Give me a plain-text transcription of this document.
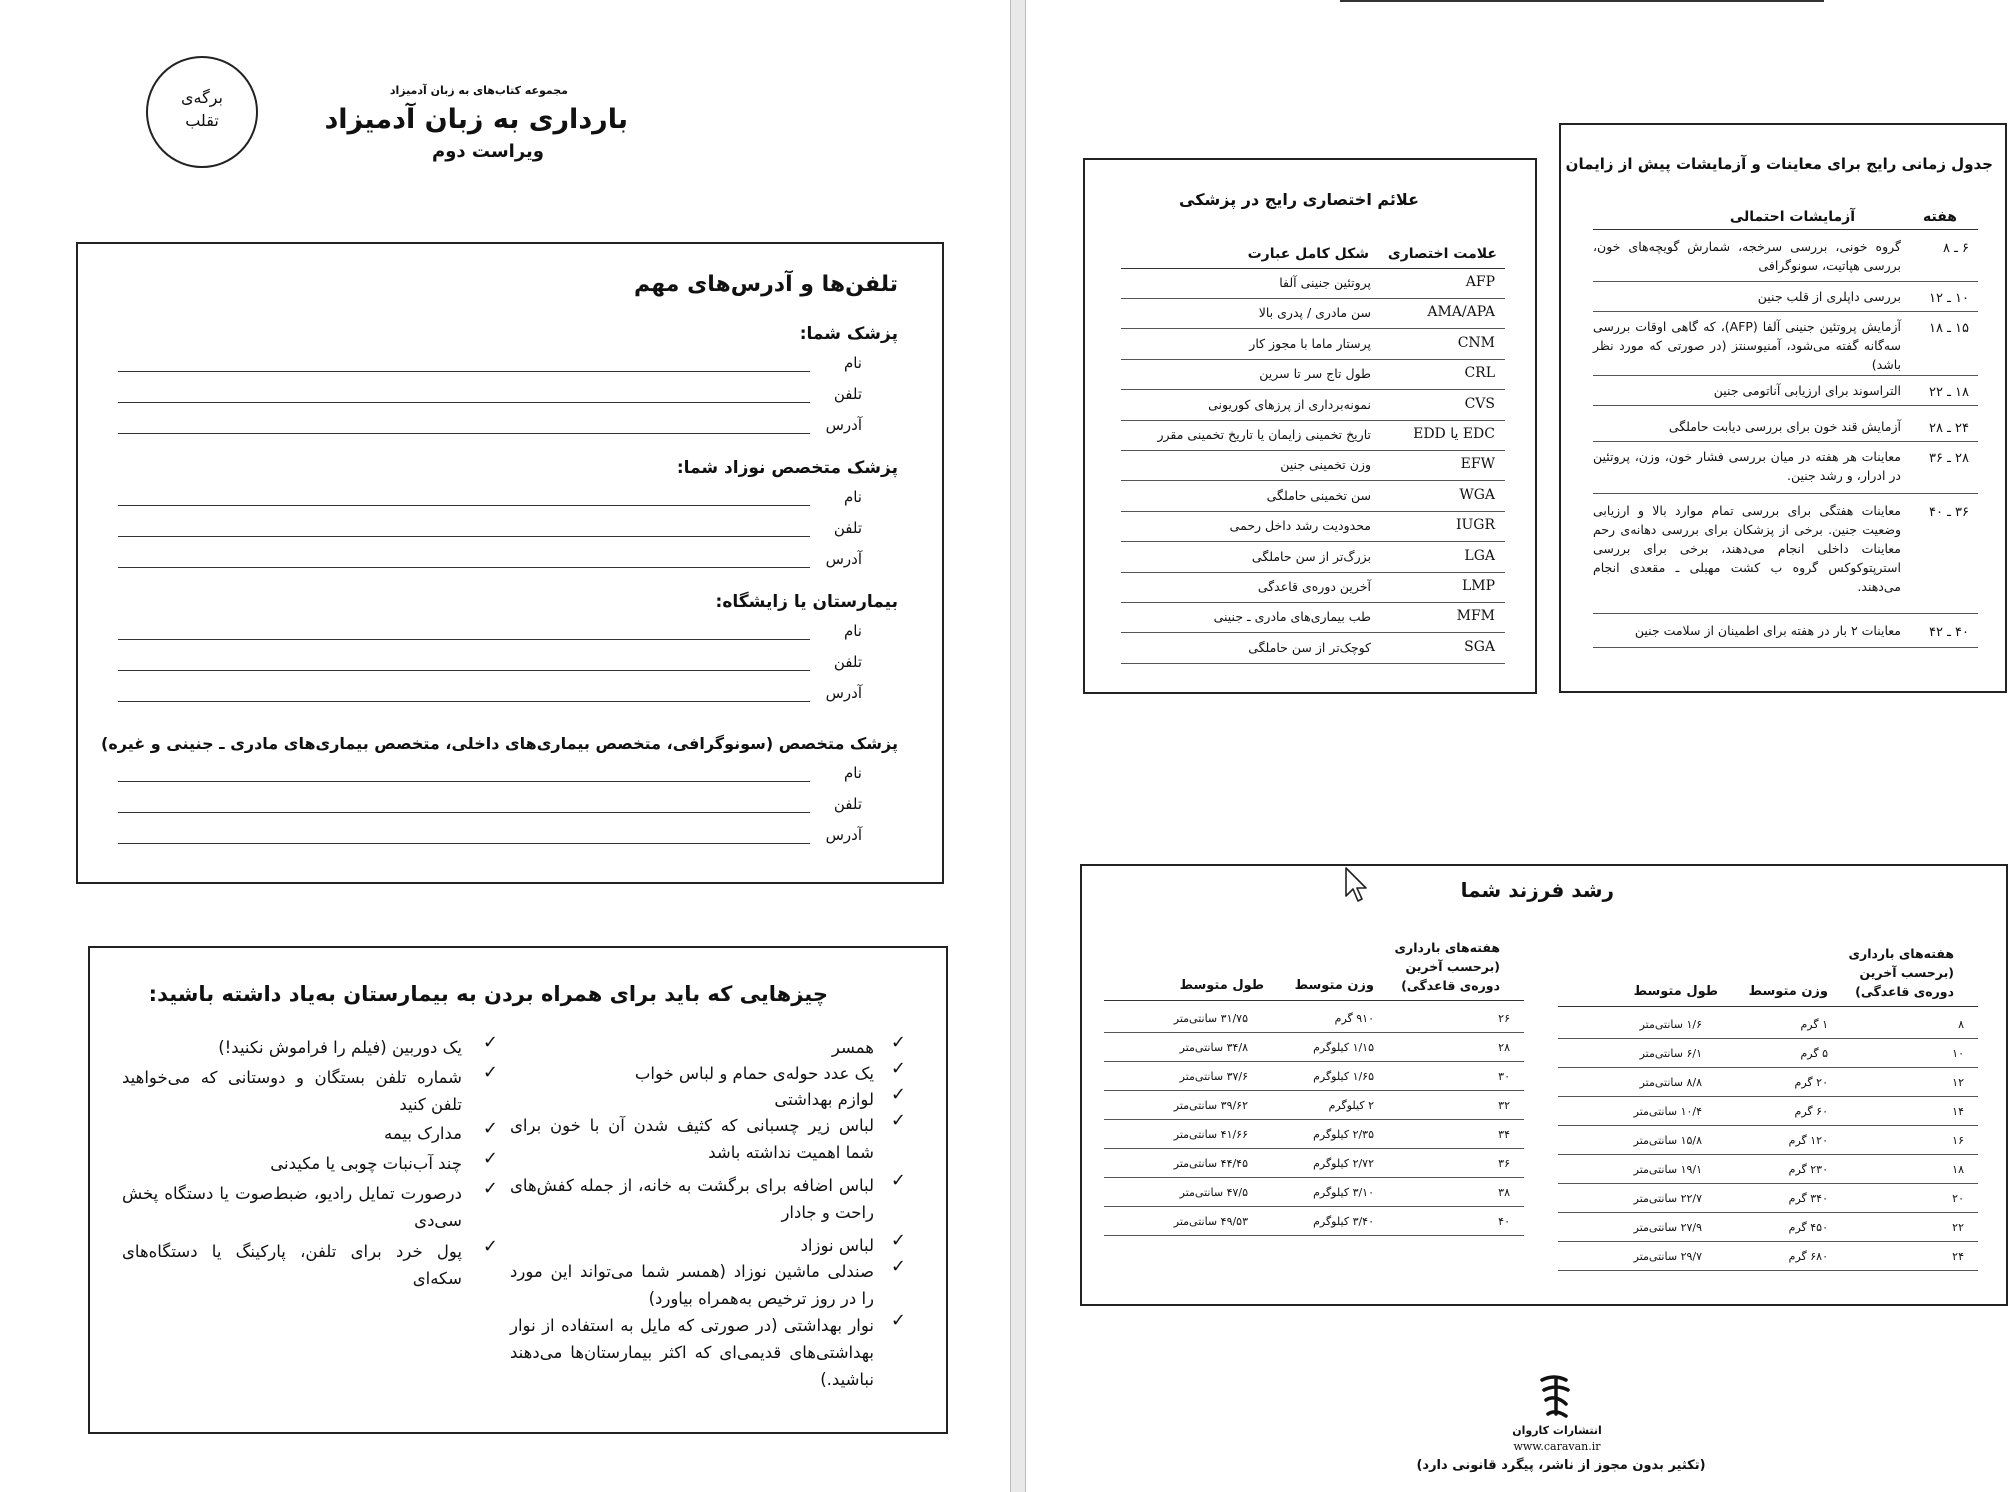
مجموعه کتاب‌های به زبان آدمیزاد
بارداری به زبان آدمیزاد
ویراست دوم
برگه‌ی
تقلب
تلفن‌ها و آدرس‌های مهم
پزشک شما:
نام
تلفن
آدرس
پزشک متخصص نوزاد شما:
نام
تلفن
آدرس
بیمارستان یا زایشگاه:
نام
تلفن
آدرس
پزشک متخصص (سونوگرافی، متخصص بیماری‌های داخلی، متخصص بیماری‌های مادری ـ جنینی و غیره)
نام
تلفن
آدرس
چیزهایی که باید برای همراه بردن به بیمارستان به‌یاد داشته باشید:
✓
همسر
✓
یک عدد حوله‌ی حمام و لباس خواب
✓
لوازم بهداشتی
✓
لباس زیر چسبانی که کثیف شدن آن با خون برای شما اهمیت نداشته باشد
✓
لباس اضافه برای برگشت به خانه، از جمله کفش‌های راحت و جادار
✓
لباس نوزاد
✓
صندلی ماشین نوزاد (همسر شما می‌تواند این مورد را در روز ترخیص به‌همراه بیاورد)
✓
نوار بهداشتی (در صورتی که مایل به استفاده از نوار بهداشتی‌های قدیمی‌ای که اکثر بیمارستان‌ها می‌دهند نباشید.)
✓
یک دوربین (فیلم را فراموش نکنید!)
✓
شماره تلفن بستگان و دوستانی که می‌خواهید تلفن کنید
✓
مدارک بیمه
✓
چند آب‌نبات چوبی یا مکیدنی
✓
درصورت تمایل رادیو، ضبط‌صوت یا دستگاه پخش سی‌دی
✓
پول خرد برای تلفن، پارکینگ یا دستگاه‌های سکه‌ای
جدول زمانی رایج برای معاینات و آزمایشات پیش از زایمان
هفته
آزمایشات احتمالی
۶ ـ ۸
گروه خونی، بررسی سرخجه، شمارش گویچه‌های خون، بررسی هپاتیت، سونوگرافی
۱۰ ـ ۱۲
بررسی داپلری از قلب جنین
۱۵ ـ ۱۸
آزمایش پروتئین جنینی آلفا (AFP)، که گاهی اوقات بررسی سه‌گانه گفته می‌شود، آمنیوسنتز (در صورتی که مورد نظر باشد)
۱۸ ـ ۲۲
التراسوند برای ارزیابی آناتومی جنین
۲۴ ـ ۲۸
آزمایش قند خون برای بررسی دیابت حاملگی
۲۸ ـ ۳۶
معاینات هر هفته در میان بررسی فشار خون، وزن، پروتئین در ادرار، و رشد جنین.
۳۶ ـ ۴۰
معاینات هفتگی برای بررسی تمام موارد بالا و ارزیابی وضعیت جنین. برخی از پزشکان برای بررسی دهانه‌ی رحم معاینات داخلی انجام می‌دهند، برخی برای بررسی استرپتوکوکس گروه ب کشت مهبلی ـ مقعدی انجام می‌دهند.
۴۰ ـ ۴۲
معاینات ۲ بار در هفته برای اطمینان از سلامت جنین
علائم اختصاری رایج در پزشکی
علامت اختصاری
شکل کامل عبارت
AFP
پروتئین جنینی آلفا
AMA/APA
سن مادری / پدری بالا
CNM
پرستار ماما با مجوز کار
CRL
طول تاج سر تا سرین
CVS
نمونه‌برداری از پرزهای کوریونی
EDD یا EDC
تاریخ تخمینی زایمان یا تاریخ تخمینی مقرر
EFW
وزن تخمینی جنین
WGA
سن تخمینی حاملگی
IUGR
محدودیت رشد داخل رحمی
LGA
بزرگ‌تر از سن حاملگی
LMP
آخرین دوره‌ی قاعدگی
MFM
طب بیماری‌های مادری ـ جنینی
SGA
کوچک‌تر از سن حاملگی
رشد فرزند شما
هفته‌های بارداری
(برحسب آخرین
دوره‌ی قاعدگی)
وزن متوسط
طول متوسط
۸
۱ گرم
۱/۶ سانتی‌متر
۱۰
۵ گرم
۶/۱ سانتی‌متر
۱۲
۲۰ گرم
۸/۸ سانتی‌متر
۱۴
۶۰ گرم
۱۰/۴ سانتی‌متر
۱۶
۱۲۰ گرم
۱۵/۸ سانتی‌متر
۱۸
۲۳۰ گرم
۱۹/۱ سانتی‌متر
۲۰
۳۴۰ گرم
۲۲/۷ سانتی‌متر
۲۲
۴۵۰ گرم
۲۷/۹ سانتی‌متر
۲۴
۶۸۰ گرم
۲۹/۷ سانتی‌متر
هفته‌های بارداری
(برحسب آخرین
دوره‌ی قاعدگی)
وزن متوسط
طول متوسط
۲۶
۹۱۰ گرم
۳۱/۷۵ سانتی‌متر
۲۸
۱/۱۵ کیلوگرم
۳۴/۸ سانتی‌متر
۳۰
۱/۶۵ کیلوگرم
۳۷/۶ سانتی‌متر
۳۲
۲ کیلوگرم
۳۹/۶۲ سانتی‌متر
۳۴
۲/۳۵ کیلوگرم
۴۱/۶۶ سانتی‌متر
۳۶
۲/۷۲ کیلوگرم
۴۴/۴۵ سانتی‌متر
۳۸
۳/۱۰ کیلوگرم
۴۷/۵ سانتی‌متر
۴۰
۳/۴۰ کیلوگرم
۴۹/۵۳ سانتی‌متر
انتشارات کاروان
www.caravan.ir
(تکثیر بدون مجوز از ناشر، پیگرد قانونی دارد)
